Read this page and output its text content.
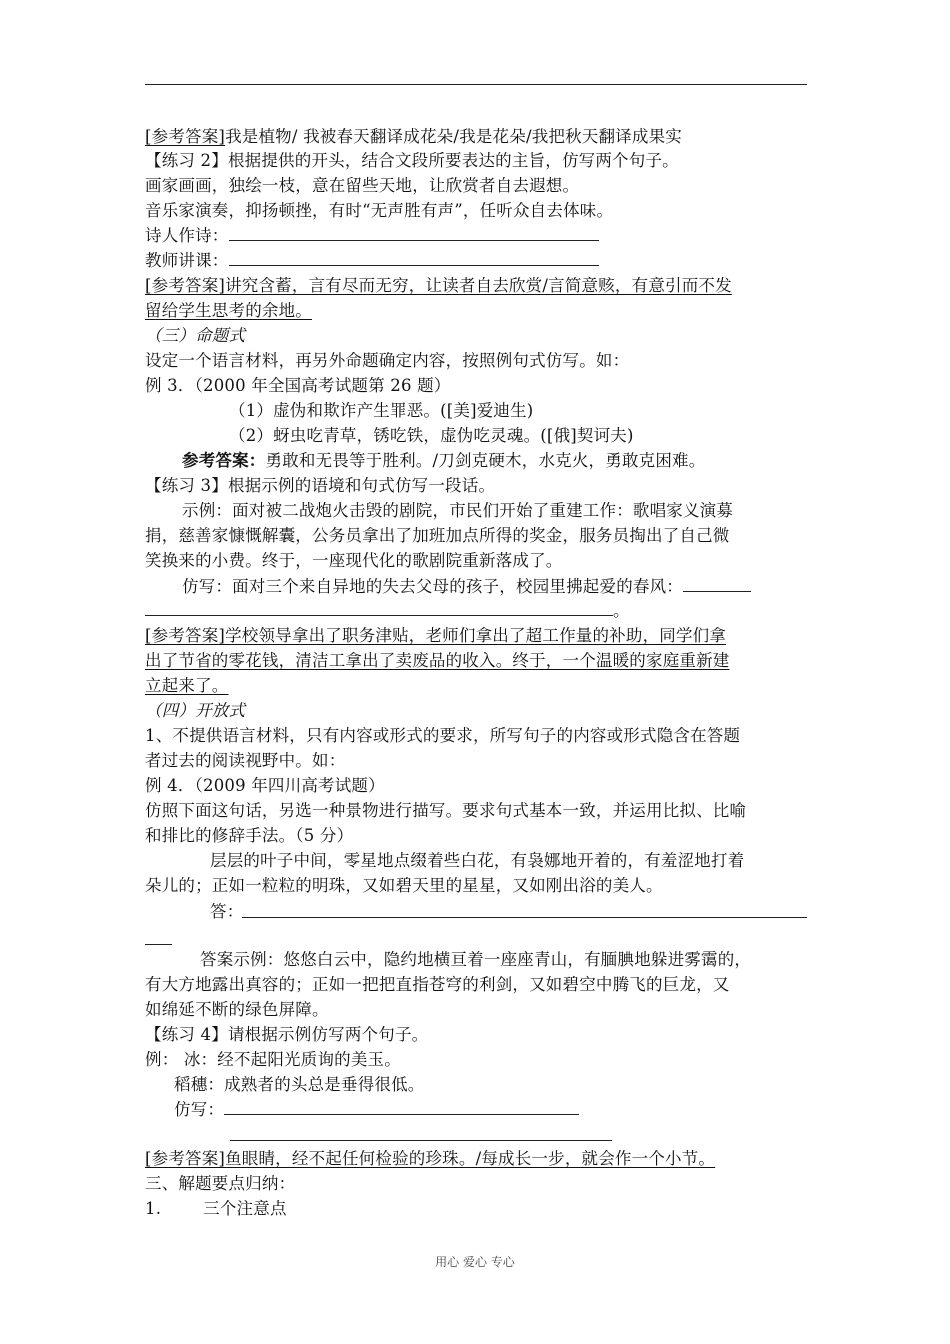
[参考答案]我是植物/ 我被春天翻译成花朵/我是花朵/我把秋天翻译成果实
【练习 2】根据提供的开头，结合文段所要表达的主旨，仿写两个句子。
画家画画，独绘一枝，意在留些天地，让欣赏者自去遐想。
音乐家演奏，抑扬顿挫，有时“无声胜有声”，任听众自去体味。
诗人作诗：
教师讲课：
[参考答案]讲究含蓄，言有尽而无穷，让读者自去欣赏/言简意赅，有意引而不发
留给学生思考的余地。
（三）命题式
设定一个语言材料，再另外命题确定内容，按照例句式仿写。如：
例 3．（2000 年全国高考试题第 26 题）
（1）虚伪和欺诈产生罪恶。([美]爱迪生)
（2）蚜虫吃青草，锈吃铁，虚伪吃灵魂。([俄]契诃夫)
参考答案：勇敢和无畏等于胜利。/刀剑克硬木，水克火，勇敢克困难。
【练习 3】根据示例的语境和句式仿写一段话。
示例：面对被二战炮火击毁的剧院，市民们开始了重建工作：歌唱家义演募
捐，慈善家慷慨解囊，公务员拿出了加班加点所得的奖金，服务员掏出了自己微
笑换来的小费。终于，一座现代化的歌剧院重新落成了。
仿写：面对三个来自异地的失去父母的孩子，校园里拂起爱的春风：
。
[参考答案]学校领导拿出了职务津贴，老师们拿出了超工作量的补助，同学们拿
出了节省的零花钱，清洁工拿出了卖废品的收入。终于，一个温暖的家庭重新建
立起来了。
（四）开放式
1、不提供语言材料，只有内容或形式的要求，所写句子的内容或形式隐含在答题
者过去的阅读视野中。如：
例 4．（2009 年四川高考试题）
仿照下面这句话，另选一种景物进行描写。要求句式基本一致，并运用比拟、比喻
和排比的修辞手法。（5 分）
层层的叶子中间，零星地点缀着些白花，有袅娜地开着的，有羞涩地打着
朵儿的；正如一粒粒的明珠，又如碧天里的星星，又如刚出浴的美人。
答：
答案示例：悠悠白云中，隐约地横亘着一座座青山，有腼腆地躲进雾霭的，
有大方地露出真容的；正如一把把直指苍穹的利剑，又如碧空中腾飞的巨龙，又
如绵延不断的绿色屏障。
【练习 4】请根据示例仿写两个句子。
例： 冰：经不起阳光质询的美玉。
稻穗：成熟者的头总是垂得很低。
仿写：
[参考答案]鱼眼睛，经不起任何检验的珍珠。/每成长一步，就会作一个小节。
三、解题要点归纳：
1.	三个注意点
用心 爱心 专心
